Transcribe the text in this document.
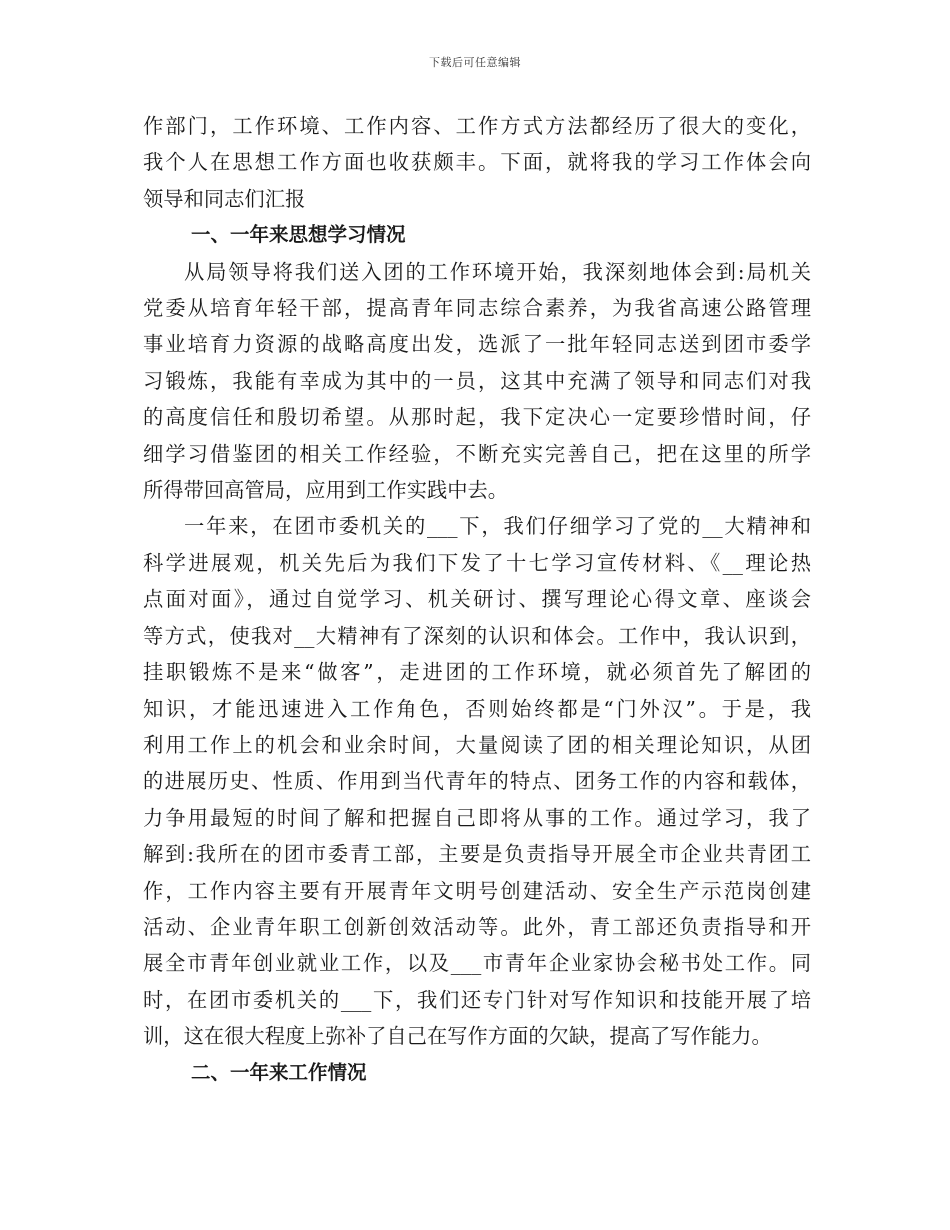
下载后可任意编辑
作部门，工作环境、工作内容、工作方式方法都经历了很大的变化，
我个人在思想工作方面也收获颇丰。下面，就将我的学习工作体会向
领导和同志们汇报
一、一年来思想学习情况
从局领导将我们送入团的工作环境开始，我深刻地体会到:局机关
党委从培育年轻干部，提高青年同志综合素养，为我省高速公路管理
事业培育力资源的战略高度出发，选派了一批年轻同志送到团市委学
习锻炼，我能有幸成为其中的一员，这其中充满了领导和同志们对我
的高度信任和殷切希望。从那时起，我下定决心一定要珍惜时间，仔
细学习借鉴团的相关工作经验，不断充实完善自己，把在这里的所学
所得带回高管局，应用到工作实践中去。
一年来，在团市委机关的___下，我们仔细学习了党的__大精神和
科学进展观，机关先后为我们下发了十七学习宣传材料、《__理论热
点面对面》，通过自觉学习、机关研讨、撰写理论心得文章、座谈会
等方式，使我对__大精神有了深刻的认识和体会。工作中，我认识到，
挂职锻炼不是来“做客”，走进团的工作环境，就必须首先了解团的
知识，才能迅速进入工作角色，否则始终都是“门外汉”。于是，我
利用工作上的机会和业余时间，大量阅读了团的相关理论知识，从团
的进展历史、性质、作用到当代青年的特点、团务工作的内容和载体，
力争用最短的时间了解和把握自己即将从事的工作。通过学习，我了
解到:我所在的团市委青工部，主要是负责指导开展全市企业共青团工
作，工作内容主要有开展青年文明号创建活动、安全生产示范岗创建
活动、企业青年职工创新创效活动等。此外，青工部还负责指导和开
展全市青年创业就业工作，以及___市青年企业家协会秘书处工作。同
时，在团市委机关的___下，我们还专门针对写作知识和技能开展了培
训，这在很大程度上弥补了自己在写作方面的欠缺，提高了写作能力。
二、一年来工作情况
